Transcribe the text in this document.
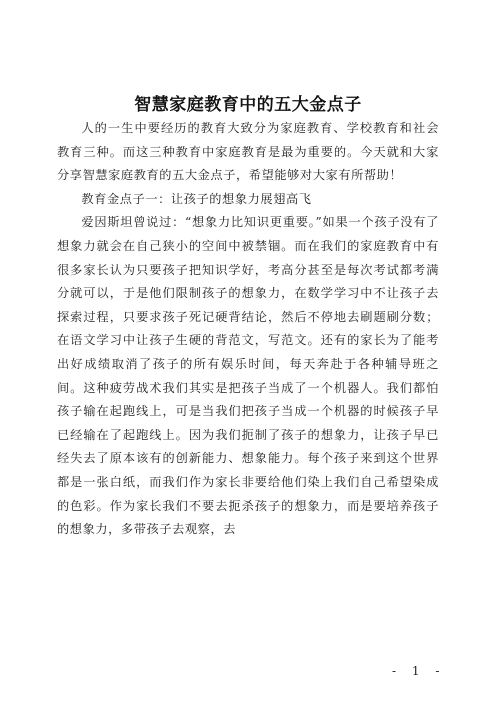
智慧家庭教育中的五大金点子

人的一生中要经历的教育大致分为家庭教育、学校教育和社会教育三种。而这三种教育中家庭教育是最为重要的。今天就和大家分享智慧家庭教育的五大金点子，希望能够对大家有所帮助！

教育金点子一：让孩子的想象力展翅高飞

爱因斯坦曾说过：“想象力比知识更重要。”如果一个孩子没有了想象力就会在自己狭小的空间中被禁锢。而在我们的家庭教育中有很多家长认为只要孩子把知识学好，考高分甚至是每次考试都考满分就可以，于是他们限制孩子的想象力，在数学学习中不让孩子去探索过程，只要求孩子死记硬背结论，然后不停地去刷题刷分数；在语文学习中让孩子生硬的背范文，写范文。还有的家长为了能考出好成绩取消了孩子的所有娱乐时间，每天奔赴于各种辅导班之间。这种疲劳战术我们其实是把孩子当成了一个机器人。我们都怕孩子输在起跑线上，可是当我们把孩子当成一个机器的时候孩子早已经输在了起跑线上。因为我们扼制了孩子的想象力，让孩子早已经失去了原本该有的创新能力、想象能力。每个孩子来到这个世界都是一张白纸，而我们作为家长非要给他们染上我们自己希望染成的色彩。作为家长我们不要去扼杀孩子的想象力，而是要培养孩子的想象力，多带孩子去观察，去

- 1 -
